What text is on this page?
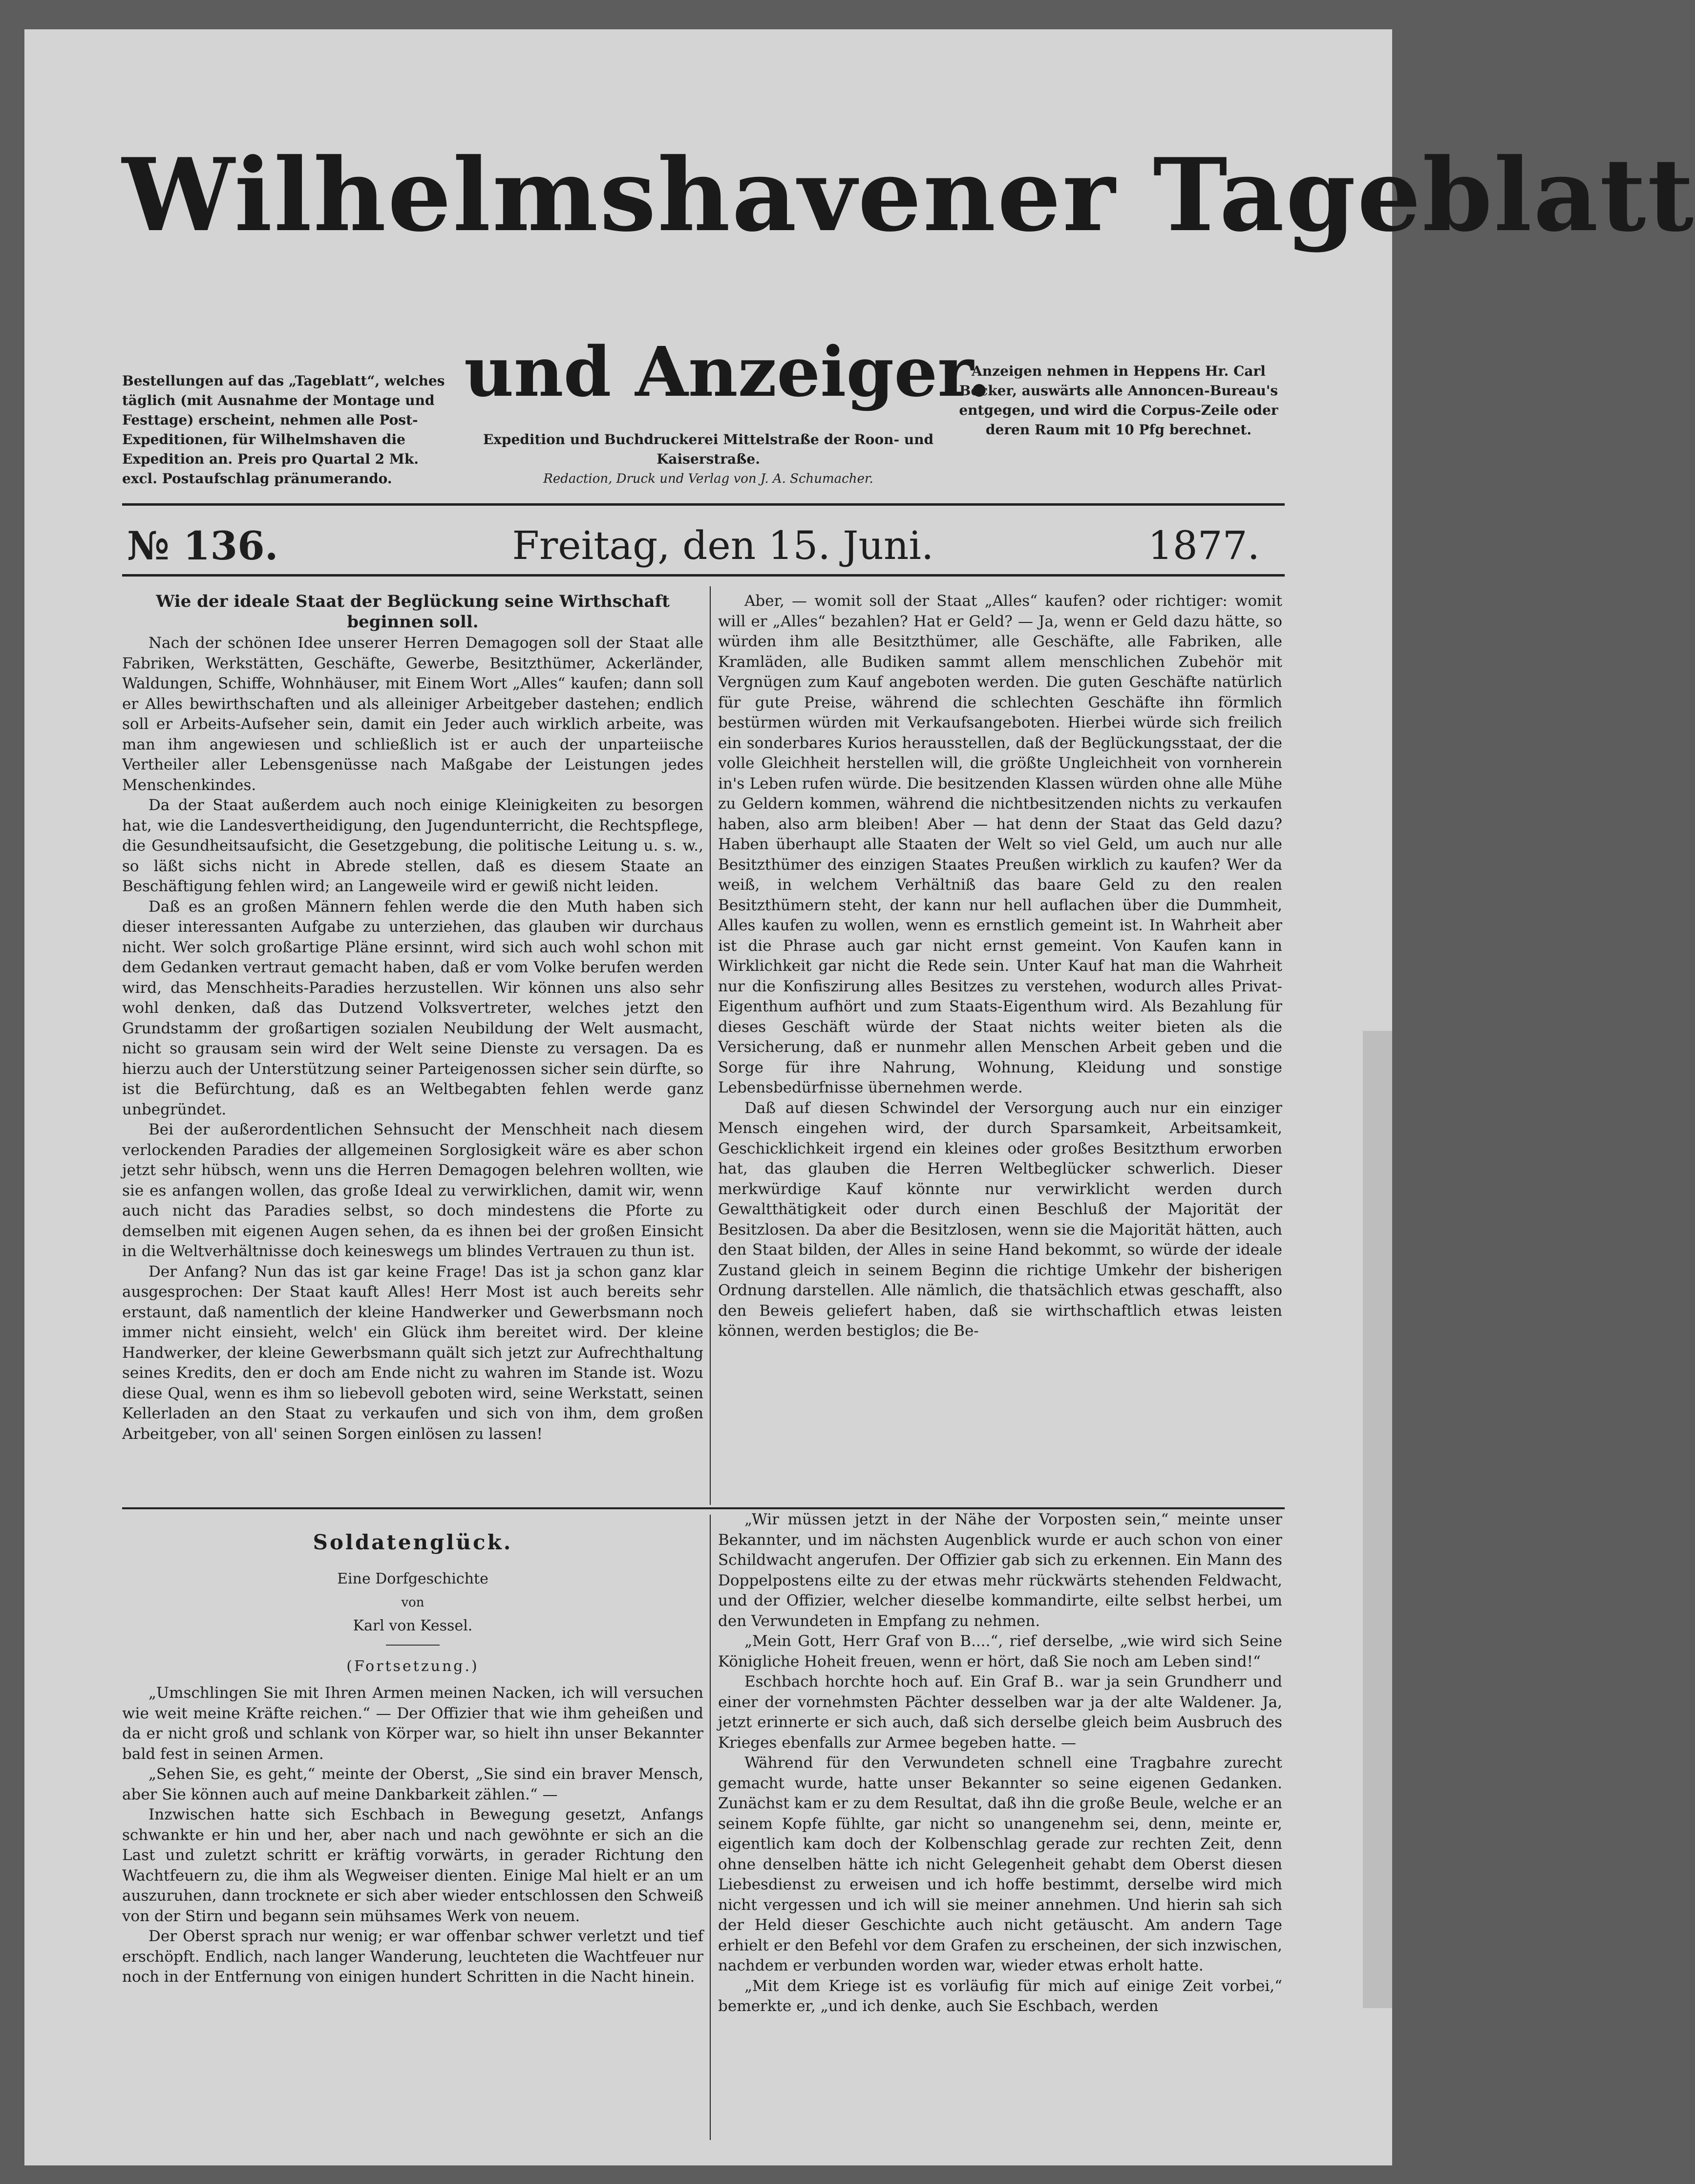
Wilhelmshavener Tageblatt
und Anzeiger.
Bestellungen auf das „Tageblatt“, welches täglich (mit Ausnahme der Montage und Festtage) erscheint, nehmen alle Post-Expeditionen, für Wilhelmshaven die Expedition an. Preis pro Quartal 2 Mk. excl. Postaufschlag pränumerando.
Anzeigen nehmen in Heppens Hr. Carl Becker, auswärts alle Annoncen-Bureau's entgegen, und wird die Corpus-Zeile oder deren Raum mit 10 Pfg berechnet.
Expedition und Buchdruckerei Mittelstraße der Roon- und Kaiserstraße.
Redaction, Druck und Verlag von J. A. Schumacher.
№ 136.	Freitag, den 15. Juni.	1877.
Wie der ideale Staat der Beglückung seine Wirthschaft beginnen soll.

Nach der schönen Idee unserer Herren Demagogen soll der Staat alle Fabriken, Werkstätten, Geschäfte, Gewerbe, Besitzthümer, Ackerländer, Waldungen, Schiffe, Wohnhäuser, mit Einem Wort „Alles“ kaufen; dann soll er Alles bewirthschaften und als alleiniger Arbeitgeber dastehen; endlich soll er Arbeits-Aufseher sein, damit ein Jeder auch wirklich arbeite, was man ihm angewiesen und schließlich ist er auch der unparteiische Vertheiler aller Lebensgenüsse nach Maßgabe der Leistungen jedes Menschenkindes.

Da der Staat außerdem auch noch einige Kleinigkeiten zu besorgen hat, wie die Landesvertheidigung, den Jugendunterricht, die Rechtspflege, die Gesundheitsaufsicht, die Gesetzgebung, die politische Leitung u. s. w., so läßt sichs nicht in Abrede stellen, daß es diesem Staate an Beschäftigung fehlen wird; an Langeweile wird er gewiß nicht leiden.

Daß es an großen Männern fehlen werde die den Muth haben sich dieser interessanten Aufgabe zu unterziehen, das glauben wir durchaus nicht. Wer solch großartige Pläne ersinnt, wird sich auch wohl schon mit dem Gedanken vertraut gemacht haben, daß er vom Volke berufen werden wird, das Menschheits-Paradies herzustellen. Wir können uns also sehr wohl denken, daß das Dutzend Volksvertreter, welches jetzt den Grundstamm der großartigen sozialen Neubildung der Welt ausmacht, nicht so grausam sein wird der Welt seine Dienste zu versagen. Da es hierzu auch der Unterstützung seiner Parteigenossen sicher sein dürfte, so ist die Befürchtung, daß es an Weltbegabten fehlen werde ganz unbegründet.

Bei der außerordentlichen Sehnsucht der Menschheit nach diesem verlockenden Paradies der allgemeinen Sorglosigkeit wäre es aber schon jetzt sehr hübsch, wenn uns die Herren Demagogen belehren wollten, wie sie es anfangen wollen, das große Ideal zu verwirklichen, damit wir, wenn auch nicht das Paradies selbst, so doch mindestens die Pforte zu demselben mit eigenen Augen sehen, da es ihnen bei der großen Einsicht in die Weltverhältnisse doch keineswegs um blindes Vertrauen zu thun ist.

Der Anfang? Nun das ist gar keine Frage! Das ist ja schon ganz klar ausgesprochen: Der Staat kauft Alles! Herr Most ist auch bereits sehr erstaunt, daß namentlich der kleine Handwerker und Gewerbsmann noch immer nicht einsieht, welch' ein Glück ihm bereitet wird. Der kleine Handwerker, der kleine Gewerbsmann quält sich jetzt zur Aufrechthaltung seines Kredits, den er doch am Ende nicht zu wahren im Stande ist. Wozu diese Qual, wenn es ihm so liebevoll geboten wird, seine Werkstatt, seinen Kellerladen an den Staat zu verkaufen und sich von ihm, dem großen Arbeitgeber, von all' seinen Sorgen einlösen zu lassen!

Aber, — womit soll der Staat „Alles“ kaufen? oder richtiger: womit will er „Alles“ bezahlen? Hat er Geld? — Ja, wenn er Geld dazu hätte, so würden ihm alle Besitzthümer, alle Geschäfte, alle Fabriken, alle Kramläden, alle Budiken sammt allem menschlichen Zubehör mit Vergnügen zum Kauf angeboten werden. Die guten Geschäfte natürlich für gute Preise, während die schlechten Geschäfte ihn förmlich bestürmen würden mit Verkaufsangeboten. Hierbei würde sich freilich ein sonderbares Kurios herausstellen, daß der Beglückungsstaat, der die volle Gleichheit herstellen will, die größte Ungleichheit von vornherein in's Leben rufen würde. Die besitzenden Klassen würden ohne alle Mühe zu Geldern kommen, während die nichtbesitzenden nichts zu verkaufen haben, also arm bleiben! Aber — hat denn der Staat das Geld dazu? Haben überhaupt alle Staaten der Welt so viel Geld, um auch nur alle Besitzthümer des einzigen Staates Preußen wirklich zu kaufen? Wer da weiß, in welchem Verhältniß das baare Geld zu den realen Besitzthümern steht, der kann nur hell auflachen über die Dummheit, Alles kaufen zu wollen, wenn es ernstlich gemeint ist. In Wahrheit aber ist die Phrase auch gar nicht ernst gemeint. Von Kaufen kann in Wirklichkeit gar nicht die Rede sein. Unter Kauf hat man die Wahrheit nur die Konfiszirung alles Besitzes zu verstehen, wodurch alles Privat-Eigenthum aufhört und zum Staats-Eigenthum wird. Als Bezahlung für dieses Geschäft würde der Staat nichts weiter bieten als die Versicherung, daß er nunmehr allen Menschen Arbeit geben und die Sorge für ihre Nahrung, Wohnung, Kleidung und sonstige Lebensbedürfnisse übernehmen werde.

Daß auf diesen Schwindel der Versorgung auch nur ein einziger Mensch eingehen wird, der durch Sparsamkeit, Arbeitsamkeit, Geschicklichkeit irgend ein kleines oder großes Besitzthum erworben hat, das glauben die Herren Weltbeglücker schwerlich. Dieser merkwürdige Kauf könnte nur verwirklicht werden durch Gewaltthätigkeit oder durch einen Beschluß der Majorität der Besitzlosen. Da aber die Besitzlosen, wenn sie die Majorität hätten, auch den Staat bilden, der Alles in seine Hand bekommt, so würde der ideale Zustand gleich in seinem Beginn die richtige Umkehr der bisherigen Ordnung darstellen. Alle nämlich, die thatsächlich etwas geschafft, also den Beweis geliefert haben, daß sie wirthschaftlich etwas leisten können, werden bestiglos; die Be-

Soldatenglück.
Eine Dorfgeschichte
von
Karl von Kessel.
(Fortsetzung.)

„Umschlingen Sie mit Ihren Armen meinen Nacken, ich will versuchen wie weit meine Kräfte reichen.“ — Der Offizier that wie ihm geheißen und da er nicht groß und schlank von Körper war, so hielt ihn unser Bekannter bald fest in seinen Armen.

„Sehen Sie, es geht,“ meinte der Oberst, „Sie sind ein braver Mensch, aber Sie können auch auf meine Dankbarkeit zählen.“ —

Inzwischen hatte sich Eschbach in Bewegung gesetzt, Anfangs schwankte er hin und her, aber nach und nach gewöhnte er sich an die Last und zuletzt schritt er kräftig vorwärts, in gerader Richtung den Wachtfeuern zu, die ihm als Wegweiser dienten. Einige Mal hielt er an um auszuruhen, dann trocknete er sich aber wieder entschlossen den Schweiß von der Stirn und begann sein mühsames Werk von neuem.

Der Oberst sprach nur wenig; er war offenbar schwer verletzt und tief erschöpft. Endlich, nach langer Wanderung, leuchteten die Wachtfeuer nur noch in der Entfernung von einigen hundert Schritten in die Nacht hinein.

„Wir müssen jetzt in der Nähe der Vorposten sein,“ meinte unser Bekannter, und im nächsten Augenblick wurde er auch schon von einer Schildwacht angerufen. Der Offizier gab sich zu erkennen. Ein Mann des Doppelpostens eilte zu der etwas mehr rückwärts stehenden Feldwacht, und der Offizier, welcher dieselbe kommandirte, eilte selbst herbei, um den Verwundeten in Empfang zu nehmen.

„Mein Gott, Herr Graf von B....“, rief derselbe, „wie wird sich Seine Königliche Hoheit freuen, wenn er hört, daß Sie noch am Leben sind!“

Eschbach horchte hoch auf. Ein Graf B.. war ja sein Grundherr und einer der vornehmsten Pächter desselben war ja der alte Waldener. Ja, jetzt erinnerte er sich auch, daß sich derselbe gleich beim Ausbruch des Krieges ebenfalls zur Armee begeben hatte. —

Während für den Verwundeten schnell eine Tragbahre zurecht gemacht wurde, hatte unser Bekannter so seine eigenen Gedanken. Zunächst kam er zu dem Resultat, daß ihn die große Beule, welche er an seinem Kopfe fühlte, gar nicht so unangenehm sei, denn, meinte er, eigentlich kam doch der Kolbenschlag gerade zur rechten Zeit, denn ohne denselben hätte ich nicht Gelegenheit gehabt dem Oberst diesen Liebesdienst zu erweisen und ich hoffe bestimmt, derselbe wird mich nicht vergessen und ich will sie meiner annehmen. Und hierin sah sich der Held dieser Geschichte auch nicht getäuscht. Am andern Tage erhielt er den Befehl vor dem Grafen zu erscheinen, der sich inzwischen, nachdem er verbunden worden war, wieder etwas erholt hatte.

„Mit dem Kriege ist es vorläufig für mich auf einige Zeit vorbei,“ bemerkte er, „und ich denke, auch Sie Eschbach, werden
